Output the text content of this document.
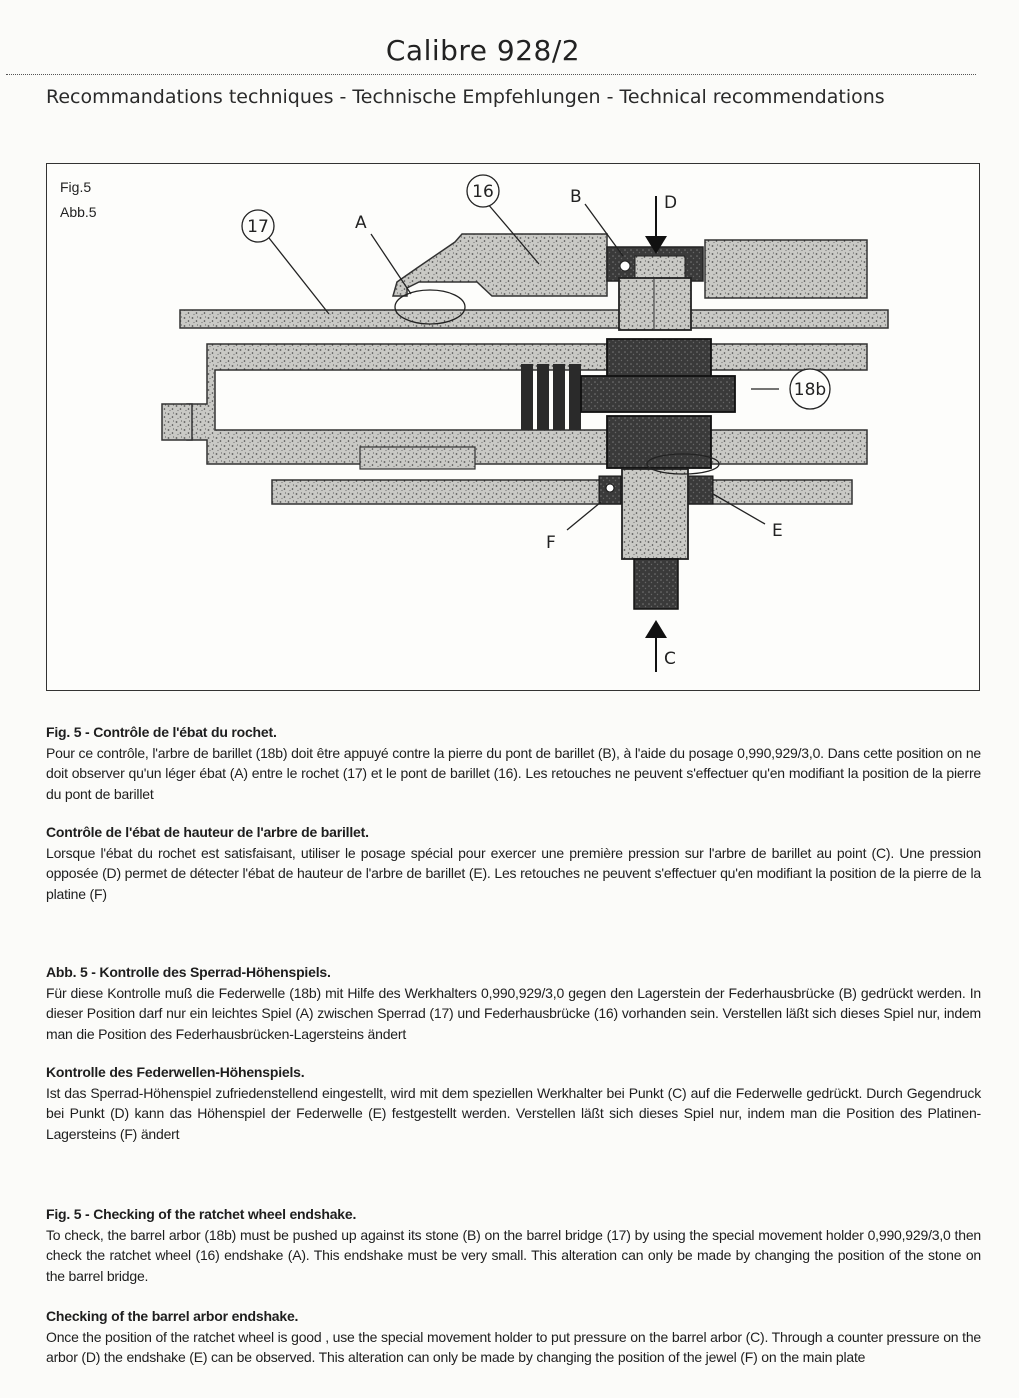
Calibre 928/2
Recommandations techniques - Technische Empfehlungen - Technical recommendations
Fig.5
Abb.5
17
16
18b
A
B	D
C
E
F
Fig. 5 - Contrôle de l'ébat du rochet.
Pour ce contrôle, l'arbre de barillet (18b) doit être appuyé contre la pierre du pont de barillet (B), à l'aide du posage 0,990,929/3,0. Dans cette position on ne doit observer qu'un léger ébat (A) entre le rochet (17) et le pont de barillet (16). Les retouches ne peuvent s'effectuer qu'en modifiant la position de la pierre du pont de barillet
Contrôle de l'ébat de hauteur de l'arbre de barillet.
Lorsque l'ébat du rochet est satisfaisant, utiliser le posage spécial pour exercer une première pression sur l'arbre de barillet au point (C). Une pression opposée (D) permet de détecter l'ébat de hauteur de l'arbre de barillet (E). Les retouches ne peuvent s'effectuer qu'en modifiant la position de la pierre de la platine (F)
Abb. 5 - Kontrolle des Sperrad-Höhenspiels.
Für diese Kontrolle muß die Federwelle (18b) mit Hilfe des Werkhalters 0,990,929/3,0 gegen den Lagerstein der Federhausbrücke (B) gedrückt werden. In dieser Position darf nur ein leichtes Spiel (A) zwischen Sperrad (17) und Federhausbrücke (16) vorhanden sein. Verstellen läßt sich dieses Spiel nur, indem man die Position des Federhausbrücken-Lagersteins ändert
Kontrolle des Federwellen-Höhenspiels.
Ist das Sperrad-Höhenspiel zufriedenstellend eingestellt, wird mit dem speziellen Werkhalter bei Punkt (C) auf die Federwelle gedrückt. Durch Gegendruck bei Punkt (D) kann das Höhenspiel der Federwelle (E) festgestellt werden. Verstellen läßt sich dieses Spiel nur, indem man die Position des Platinen-Lagersteins (F) ändert
Fig. 5 - Checking of the ratchet wheel endshake.
To check, the barrel arbor (18b) must be pushed up against its stone (B) on the barrel bridge (17) by using the special movement holder 0,990,929/3,0 then check the ratchet wheel (16) endshake (A). This endshake must be very small. This alteration can only be made by changing the position of the stone on the barrel bridge.
Checking of the barrel arbor endshake.
Once the position of the ratchet wheel is good , use the special movement holder to put pressure on the barrel arbor (C). Through a counter pressure on the arbor (D) the endshake (E) can be observed. This alteration can only be made by changing the position of the jewel (F) on the main plate
